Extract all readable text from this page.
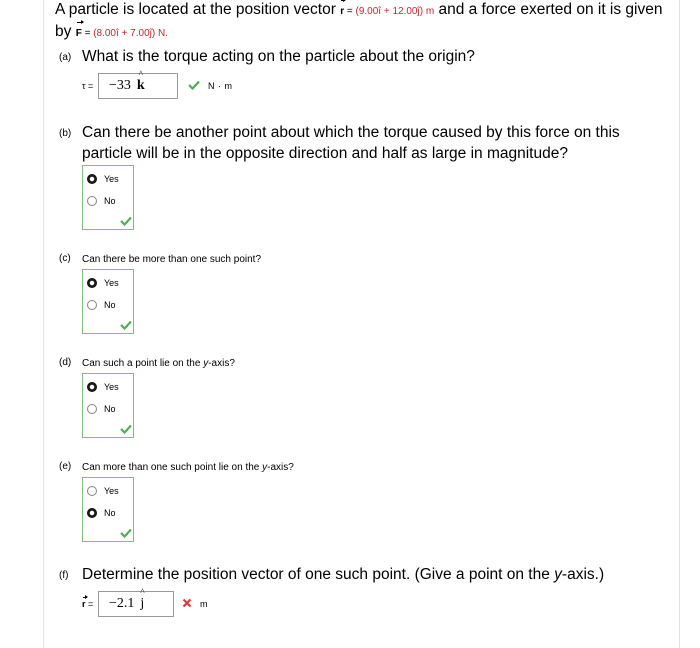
A particle is located at the position vector r = (9.00î + 12.00ĵ) m and a force exerted on it is given by F = (8.00î + 7.00ĵ) N.
(a) What is the torque acting on the particle about the origin?
τ =	−33 k ^	N · m
(b) Can there be another point about which the torque caused by this force on this particle will be in the opposite direction and half as large in magnitude?
Yes
No
(c) Can there be more than one such point?
Yes
No
(d) Can such a point lie on the y-axis?
Yes
No
(e) Can more than one such point lie on the y-axis?
Yes
No
(f) Determine the position vector of one such point. (Give a point on the y-axis.)
r =	−2.1 j ^	m
